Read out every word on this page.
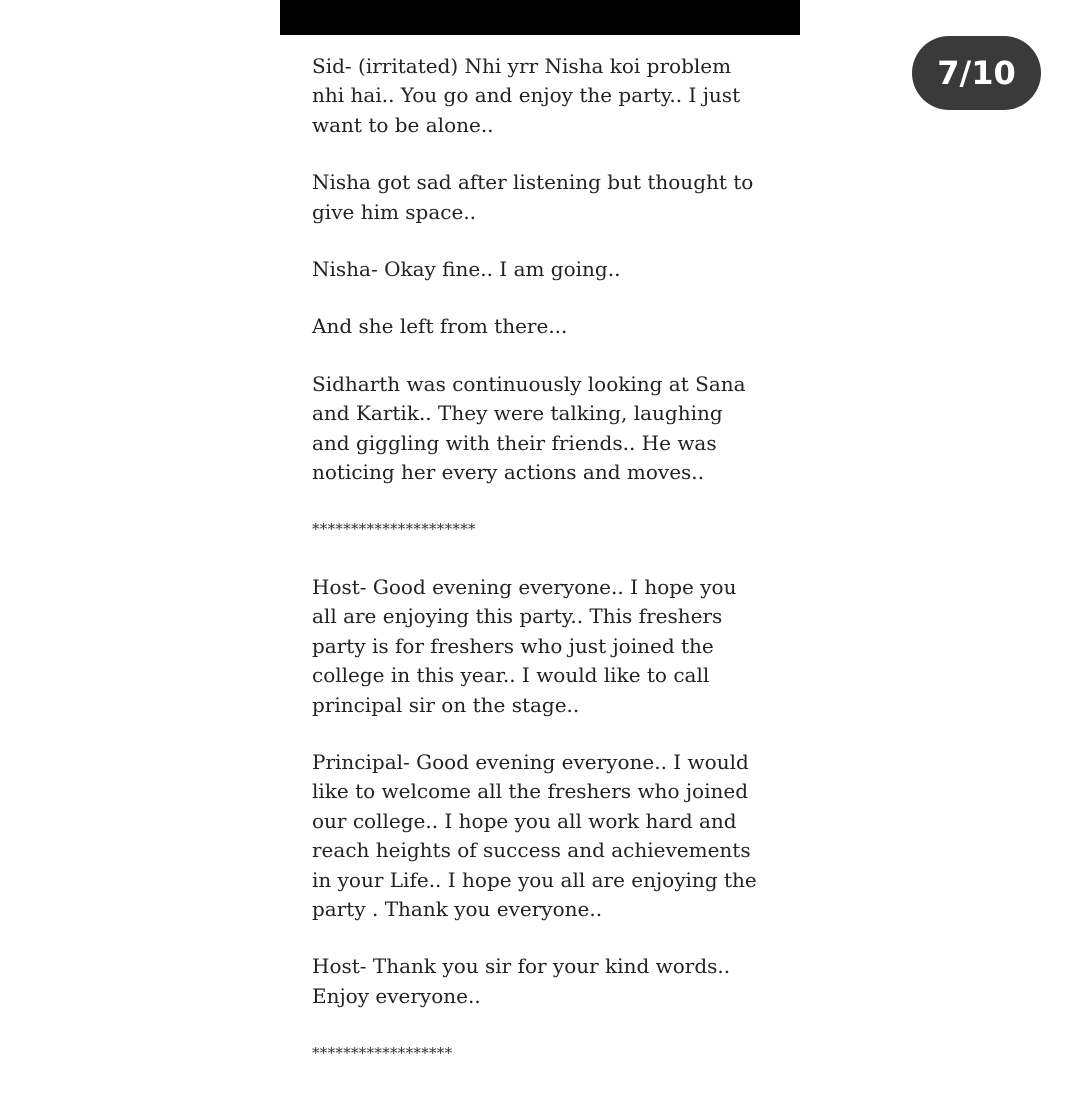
Sid- (irritated) Nhi yrr Nisha koi problem
nhi hai.. You go and enjoy the party.. I just
want to be alone..

Nisha got sad after listening but thought to
give him space..

Nisha- Okay fine.. I am going..

And she left from there...

Sidharth was continuously looking at Sana
and Kartik.. They were talking, laughing
and giggling with their friends.. He was
noticing her every actions and moves..

*********************

Host- Good evening everyone.. I hope you
all are enjoying this party.. This freshers
party is for freshers who just joined the
college in this year.. I would like to call
principal sir on the stage..

Principal- Good evening everyone.. I would
like to welcome all the freshers who joined
our college.. I hope you all work hard and
reach heights of success and achievements
in your Life.. I hope you all are enjoying the
party . Thank you everyone..

Host- Thank you sir for your kind words..
Enjoy everyone..

******************

7/10
